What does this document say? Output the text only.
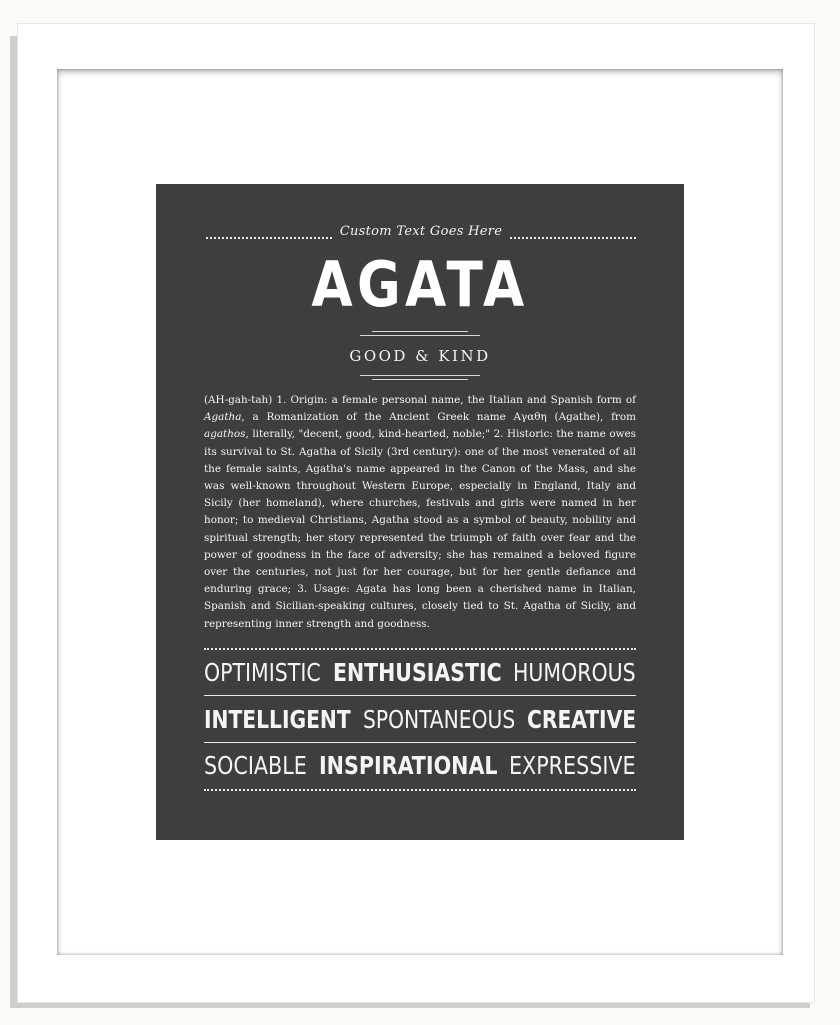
Custom Text Goes Here
AGATA
GOOD & KIND
(AH-gah-tah) 1. Origin: a female personal name, the Italian and Spanish form of Agatha, a Romanization of the Ancient Greek name Αγαθη (Agathe), from agathos, literally, "decent, good, kind-hearted, noble;" 2. Historic: the name owes its survival to St. Agatha of Sicily (3rd century): one of the most venerated of all the female saints, Agatha's name appeared in the Canon of the Mass, and she was well-known throughout Western Europe, especially in England, Italy and Sicily (her homeland), where churches, festivals and girls were named in her honor; to medieval Christians, Agatha stood as a symbol of beauty, nobility and spiritual strength; her story represented the triumph of faith over fear and the power of goodness in the face of adversity; she has remained a beloved figure over the centuries, not just for her courage, but for her gentle defiance and enduring grace; 3. Usage: Agata has long been a cherished name in Italian, Spanish and Sicilian-speaking cultures, closely tied to St. Agatha of Sicily, and representing inner strength and goodness.
OPTIMISTIC ENTHUSIASTIC HUMOROUS
INTELLIGENT SPONTANEOUS CREATIVE
SOCIABLE INSPIRATIONAL EXPRESSIVE
